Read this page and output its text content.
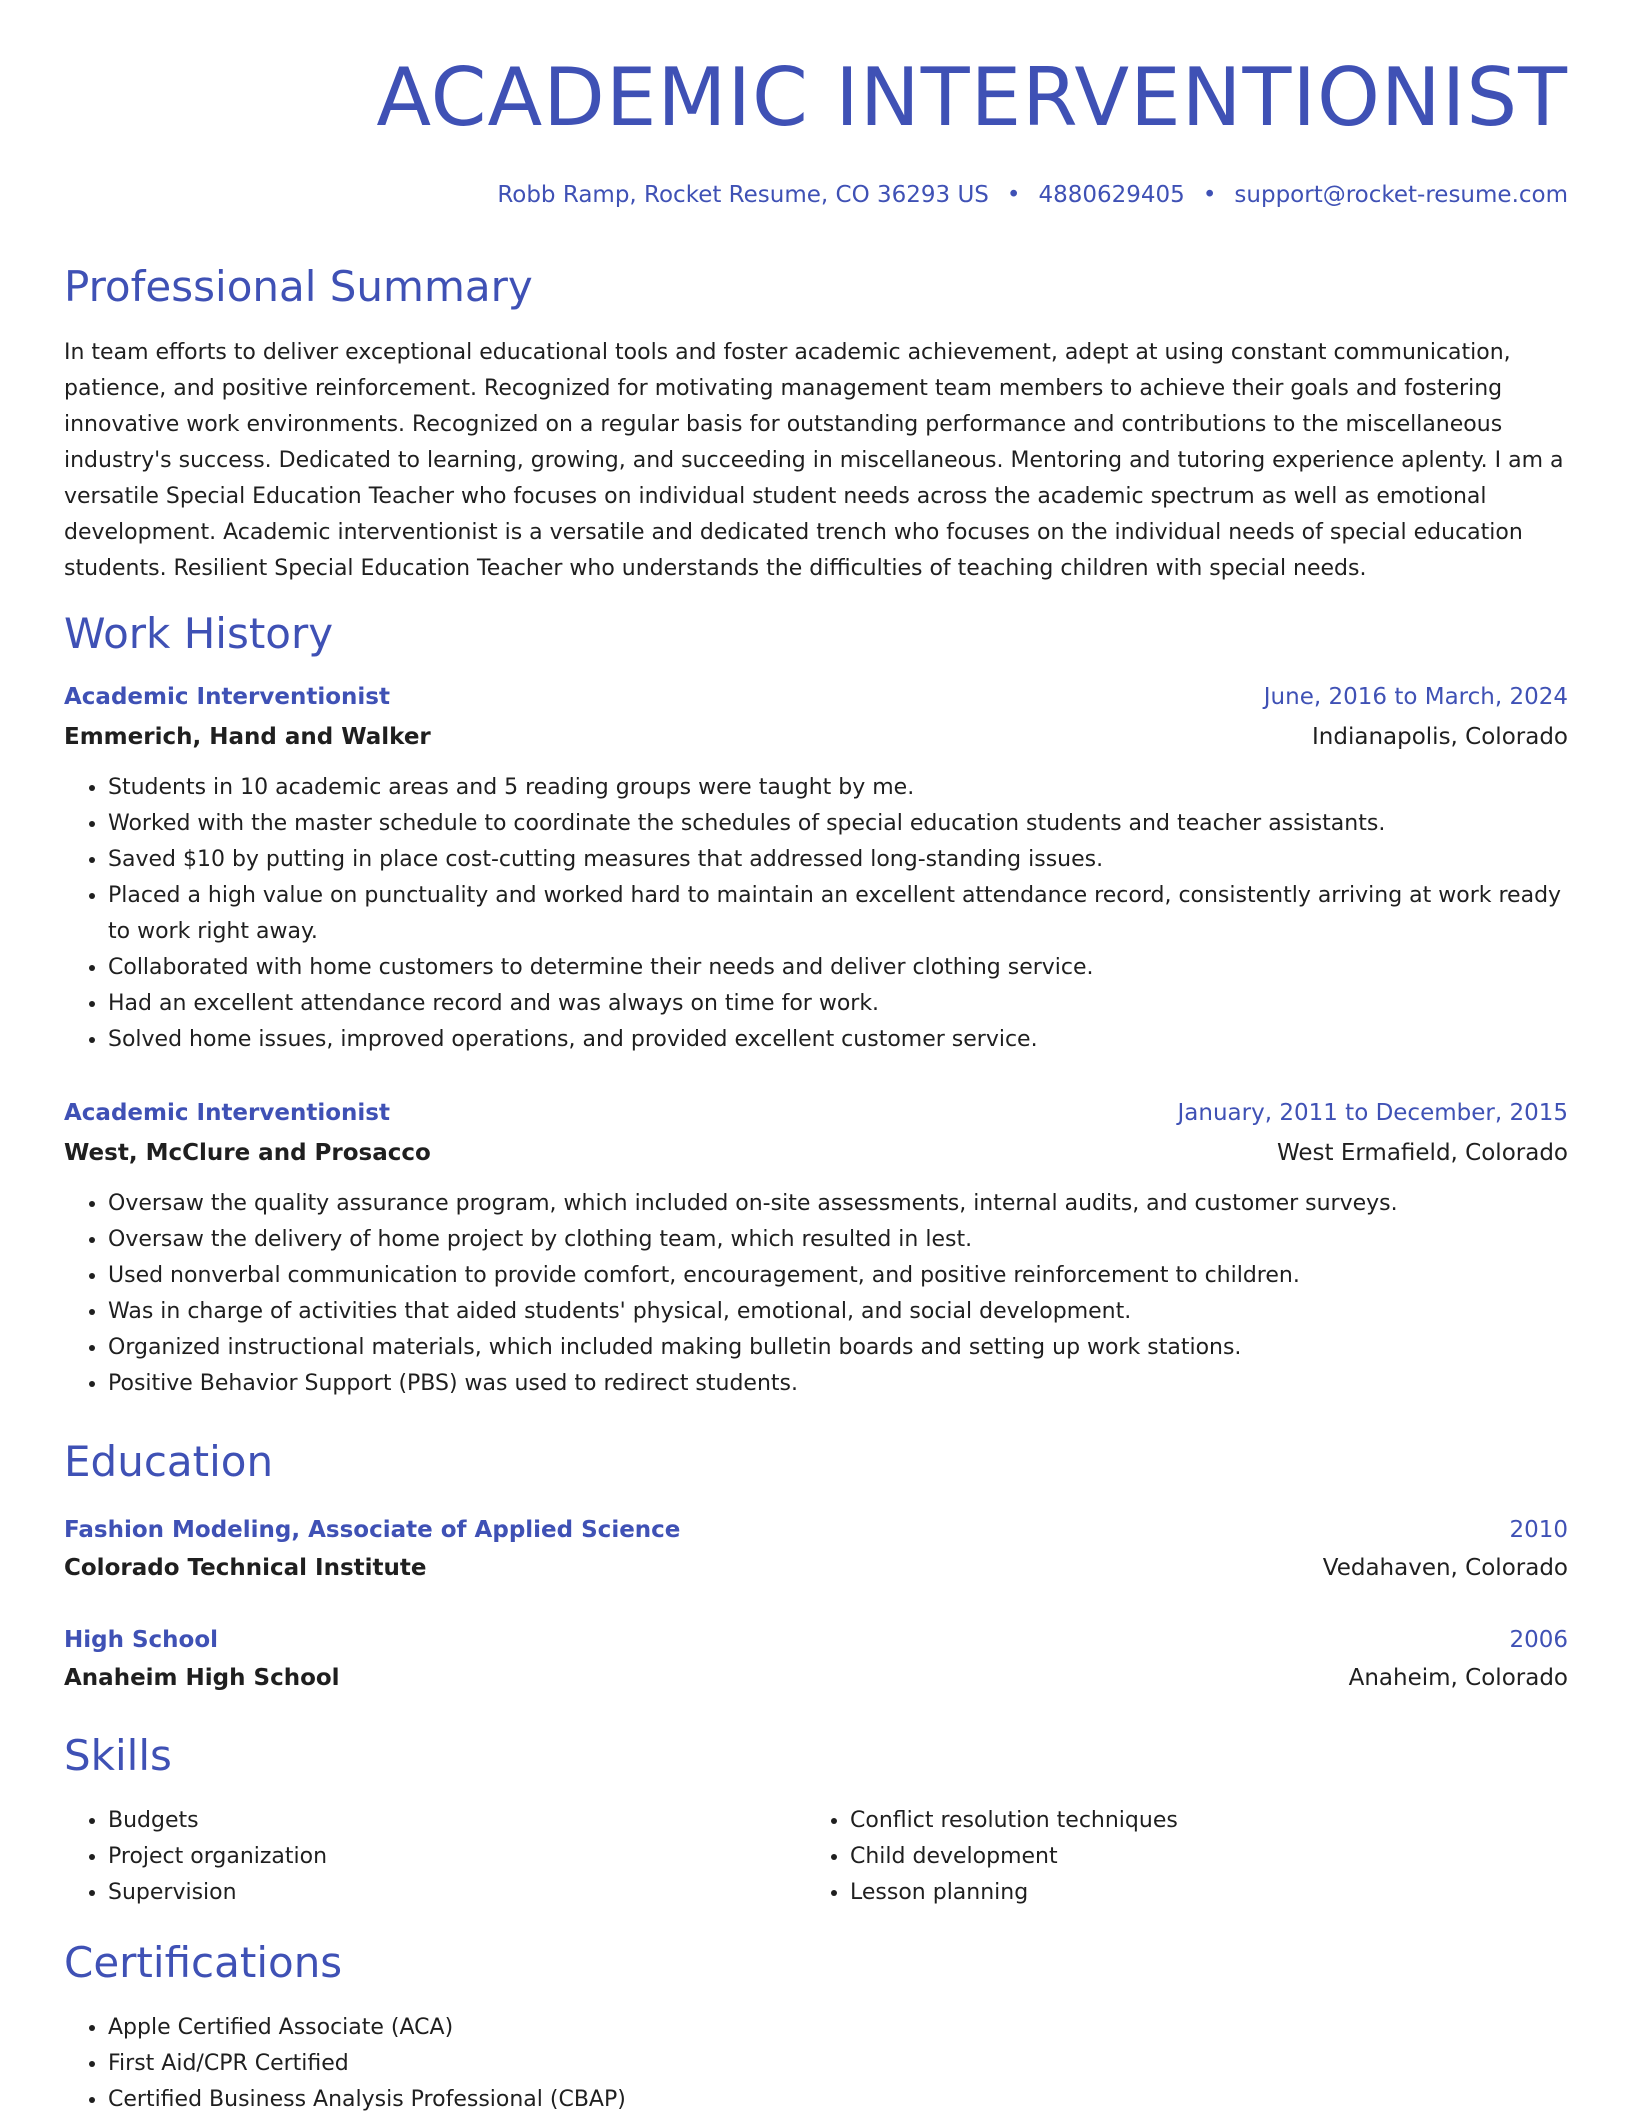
ACADEMIC INTERVENTIONIST
Robb Ramp, Rocket Resume, CO 36293 US • 4880629405 • support@rocket-resume.com
Professional Summary

In team efforts to deliver exceptional educational tools and foster academic achievement, adept at using constant communication, patience, and positive reinforcement. Recognized for motivating management team members to achieve their goals and fostering innovative work environments. Recognized on a regular basis for outstanding performance and contributions to the miscellaneous industry's success. Dedicated to learning, growing, and succeeding in miscellaneous. Mentoring and tutoring experience aplenty. I am a versatile Special Education Teacher who focuses on individual student needs across the academic spectrum as well as emotional development. Academic interventionist is a versatile and dedicated trench who focuses on the individual needs of special education students. Resilient Special Education Teacher who understands the difficulties of teaching children with special needs.

Work History
Academic Interventionist	June, 2016 to March, 2024
Emmerich, Hand and Walker	Indianapolis, Colorado
• Students in 10 academic areas and 5 reading groups were taught by me.
• Worked with the master schedule to coordinate the schedules of special education students and teacher assistants.
• Saved $10 by putting in place cost-cutting measures that addressed long-standing issues.
• Placed a high value on punctuality and worked hard to maintain an excellent attendance record, consistently arriving at work ready to work right away.
• Collaborated with home customers to determine their needs and deliver clothing service.
• Had an excellent attendance record and was always on time for work.
• Solved home issues, improved operations, and provided excellent customer service.
Academic Interventionist	January, 2011 to December, 2015
West, McClure and Prosacco	West Ermafield, Colorado
• Oversaw the quality assurance program, which included on-site assessments, internal audits, and customer surveys.
• Oversaw the delivery of home project by clothing team, which resulted in lest.
• Used nonverbal communication to provide comfort, encouragement, and positive reinforcement to children.
• Was in charge of activities that aided students' physical, emotional, and social development.
• Organized instructional materials, which included making bulletin boards and setting up work stations.
• Positive Behavior Support (PBS) was used to redirect students.
Education
Fashion Modeling, Associate of Applied Science	2010
Colorado Technical Institute	Vedahaven, Colorado
High School	2006
Anaheim High School	Anaheim, Colorado
Skills
• Budgets
• Project organization
• Supervision
• Conflict resolution techniques
• Child development
• Lesson planning
Certifications
• Apple Certified Associate (ACA)
• First Aid/CPR Certified
• Certified Business Analysis Professional (CBAP)
